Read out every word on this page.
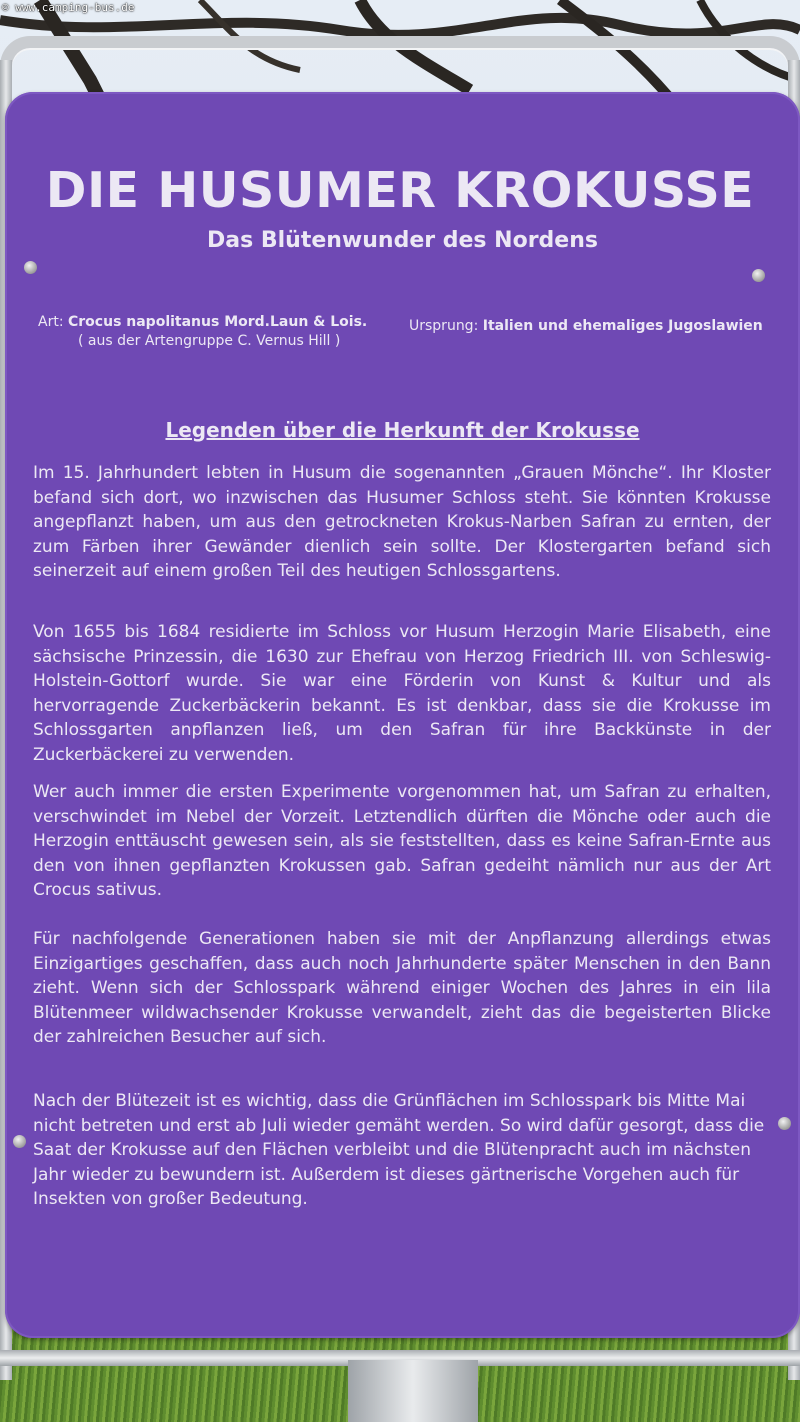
DIE HUSUMER KROKUSSE
Das Blütenwunder des Nordens
Art: Crocus napolitanus Mord.Laun & Lois.
( aus der Artengruppe C. Vernus Hill )
Ursprung: Italien und ehemaliges Jugoslawien
Legenden über die Herkunft der Krokusse

Im 15. Jahrhundert lebten in Husum die sogenannten „Grauen Mönche“. Ihr Kloster befand sich dort, wo inzwischen das Husumer Schloss steht. Sie könnten Krokusse angepflanzt haben, um aus den getrockneten Krokus-Narben Safran zu ernten, der zum Färben ihrer Gewänder dienlich sein sollte. Der Klostergarten befand sich seinerzeit auf einem großen Teil des heutigen Schlossgartens.

Von 1655 bis 1684 residierte im Schloss vor Husum Herzogin Marie Elisabeth, eine sächsische Prinzessin, die 1630 zur Ehefrau von Herzog Friedrich III. von Schleswig-Holstein-Gottorf wurde. Sie war eine Förderin von Kunst & Kultur und als hervorragende Zuckerbäckerin bekannt. Es ist denkbar, dass sie die Krokusse im Schlossgarten anpflanzen ließ, um den Safran für ihre Backkünste in der Zuckerbäckerei zu verwenden.

Wer auch immer die ersten Experimente vorgenommen hat, um Safran zu erhalten, verschwindet im Nebel der Vorzeit. Letztendlich dürften die Mönche oder auch die Herzogin enttäuscht gewesen sein, als sie feststellten, dass es keine Safran-Ernte aus den von ihnen gepflanzten Krokussen gab. Safran gedeiht nämlich nur aus der Art Crocus sativus.

Für nachfolgende Generationen haben sie mit der Anpflanzung allerdings etwas Einzigartiges geschaffen, dass auch noch Jahrhunderte später Menschen in den Bann zieht. Wenn sich der Schlosspark während einiger Wochen des Jahres in ein lila Blütenmeer wildwachsender Krokusse verwandelt, zieht das die begeisterten Blicke der zahlreichen Besucher auf sich.

Nach der Blütezeit ist es wichtig, dass die Grünflächen im Schlosspark bis Mitte Mai nicht betreten und erst ab Juli wieder gemäht werden. So wird dafür gesorgt, dass die Saat der Krokusse auf den Flächen verbleibt und die Blütenpracht auch im nächsten Jahr wieder zu bewundern ist. Außerdem ist dieses gärtnerische Vorgehen auch für Insekten von großer Bedeutung.

© www.camping-bus.de
